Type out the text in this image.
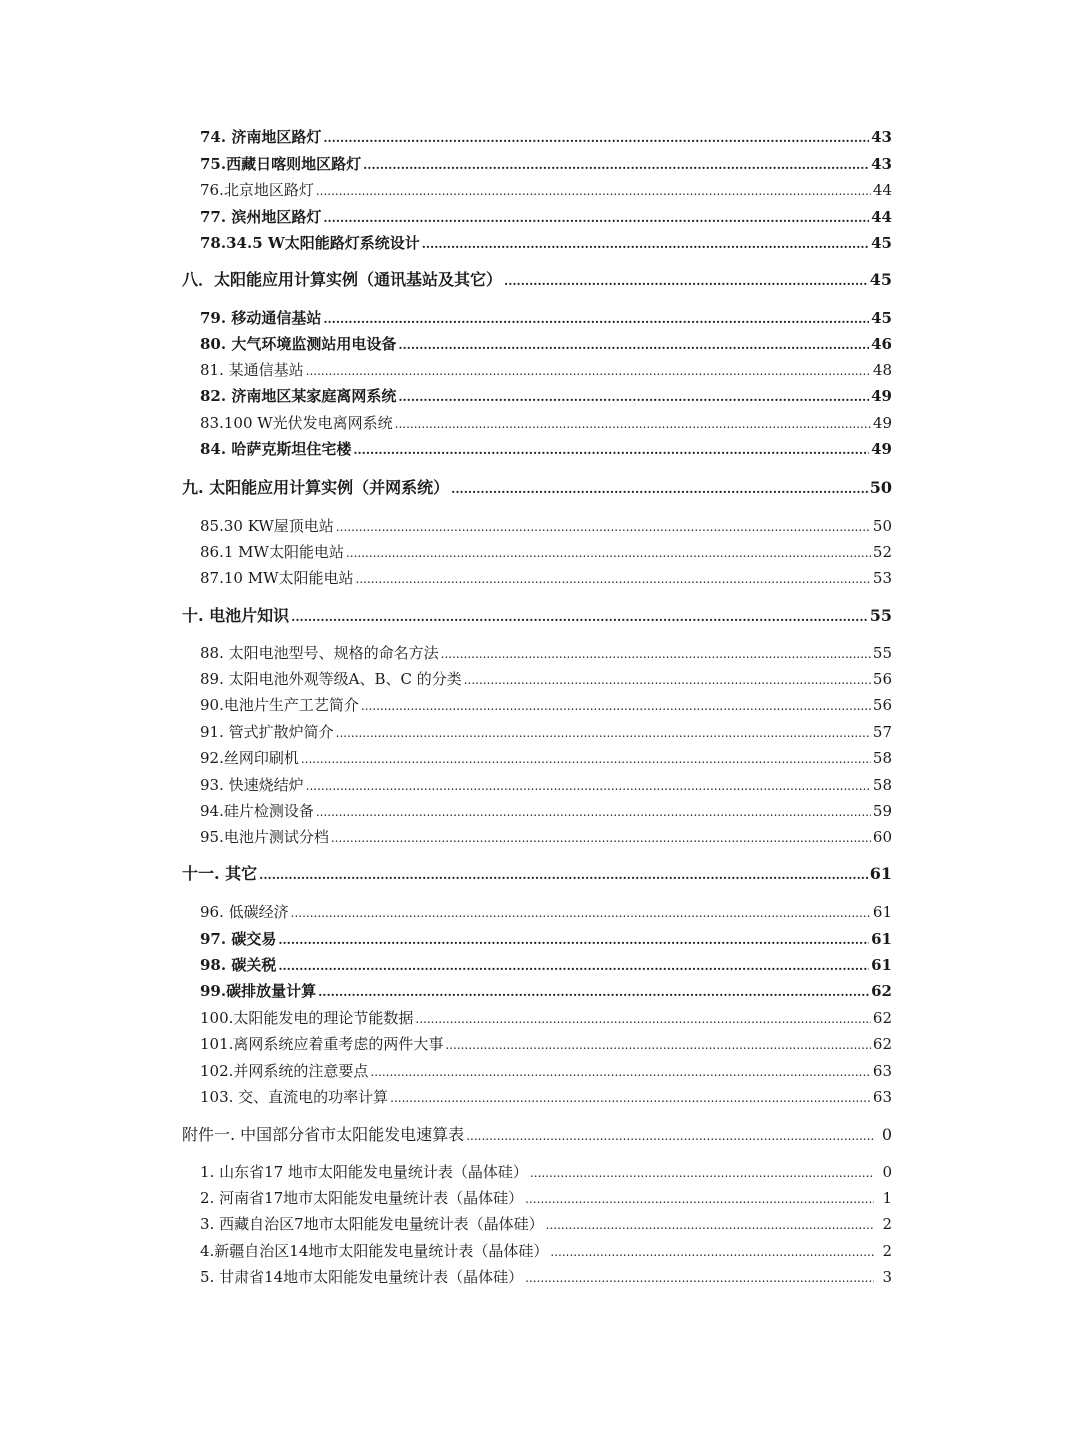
74. 济南地区路灯 .....	43
75.西藏日喀则地区路灯 .....	43
76.北京地区路灯 .....	44
77. 滨州地区路灯 .....	44
78.34.5 W太阳能路灯系统设计 .....	45
八．太阳能应用计算实例（通讯基站及其它） .....	45
79. 移动通信基站 .....	45
80. 大气环境监测站用电设备 .....	46
81. 某通信基站 .....	48
82. 济南地区某家庭离网系统 .....	49
83.100 W光伏发电离网系统 .....	49
84. 哈萨克斯坦住宅楼 .....	49
九. 太阳能应用计算实例（并网系统） .....	50
85.30 KW屋顶电站 .....	50
86.1 MW太阳能电站 .....	52
87.10 MW太阳能电站 .....	53
十. 电池片知识 .....	55
88. 太阳电池型号、规格的命名方法 .....	55
89. 太阳电池外观等级A、B、C 的分类 .....	56
90.电池片生产工艺简介 .....	56
91. 管式扩散炉简介 .....	57
92.丝网印刷机 .....	58
93. 快速烧结炉 .....	58
94.硅片检测设备 .....	59
95.电池片测试分档 .....	60
十一. 其它 .....	61
96. 低碳经济 .....	61
97. 碳交易 .....	61
98. 碳关税 .....	61
99.碳排放量计算 .....	62
100.太阳能发电的理论节能数据 .....	62
101.离网系统应着重考虑的两件大事 .....	62
102.并网系统的注意要点 .....	63
103. 交、直流电的功率计算 .....	63
附件一. 中国部分省市太阳能发电速算表 .....	0
1. 山东省17 地市太阳能发电量统计表（晶体硅） .....	0
2. 河南省17地市太阳能发电量统计表（晶体硅） .....	1
3. 西藏自治区7地市太阳能发电量统计表（晶体硅） .....	2
4.新疆自治区14地市太阳能发电量统计表（晶体硅） .....	2
5. 甘肃省14地市太阳能发电量统计表（晶体硅） .....	3
